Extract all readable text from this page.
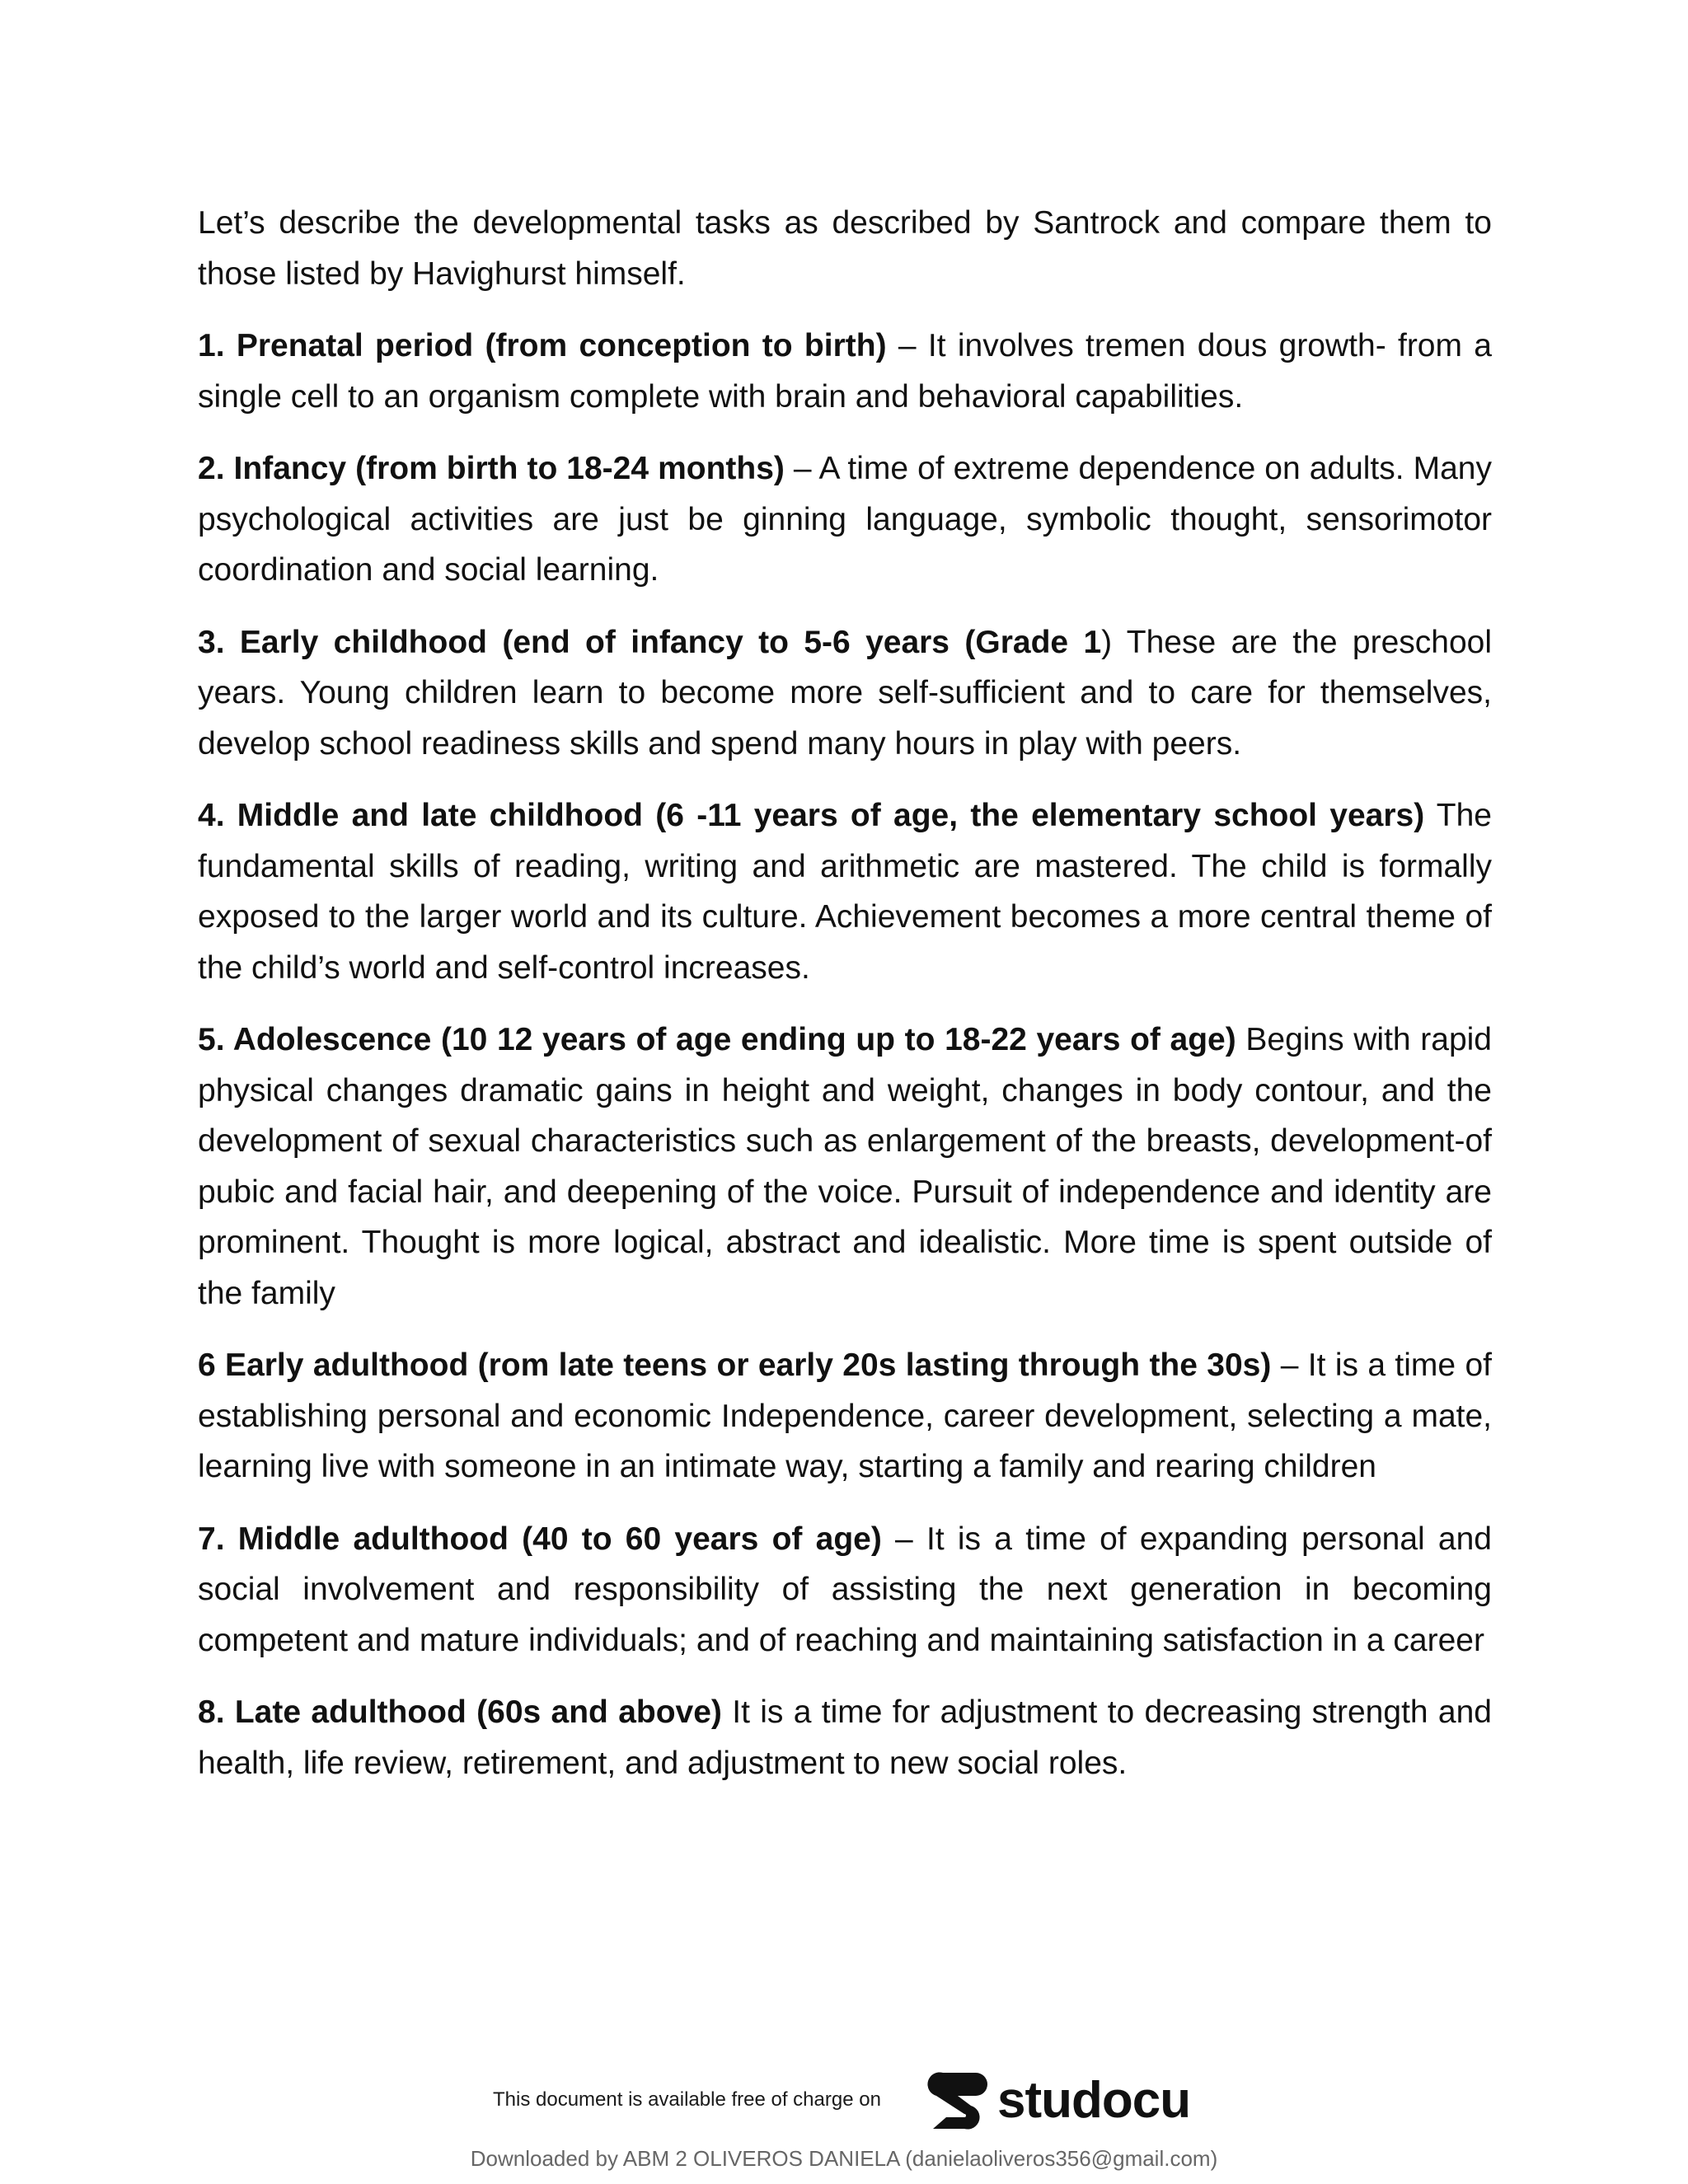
Let’s describe the developmental tasks as described by Santrock and compare them to those listed by Havighurst himself.

1. Prenatal period (from conception to birth) – It involves tremen dous growth- from a single cell to an organism complete with brain and behavioral capabilities.

2. Infancy (from birth to 18-24 months) – A time of extreme dependence on adults. Many psychological activities are just be ginning language, symbolic thought, sensorimotor coordination and social learning.

3. Early childhood (end of infancy to 5-6 years (Grade 1) These are the preschool years. Young children learn to become more self-sufficient and to care for themselves, develop school readiness skills and spend many hours in play with peers.

4. Middle and late childhood (6 -11 years of age, the elementary school years) The fundamental skills of reading, writing and arithmetic are mastered. The child is formally exposed to the larger world and its culture. Achievement becomes a more central theme of the child’s world and self-control increases.

5. Adolescence (10 12 years of age ending up to 18-22 years of age) Begins with rapid physical changes dramatic gains in height and weight, changes in body contour, and the development of sexual characteristics such as enlargement of the breasts, development-of pubic and facial hair, and deepening of the voice. Pursuit of independence and identity are prominent. Thought is more logical, abstract and idealistic. More time is spent outside of the family

6 Early adulthood (rom late teens or early 20s lasting through the 30s) – It is a time of establishing personal and economic Independence, career development, selecting a mate, learning live with someone in an intimate way, starting a family and rearing children

7. Middle adulthood (40 to 60 years of age) – It is a time of expanding personal and social involvement and responsibility of assisting the next generation in becoming competent and mature individuals; and of reaching and maintaining satisfaction in a career

8. Late adulthood (60s and above) It is a time for adjustment to decreasing strength and health, life review, retirement, and adjustment to new social roles.

This document is available free of charge on studocu
Downloaded by ABM 2 OLIVEROS DANIELA (danielaoliveros356@gmail.com)
